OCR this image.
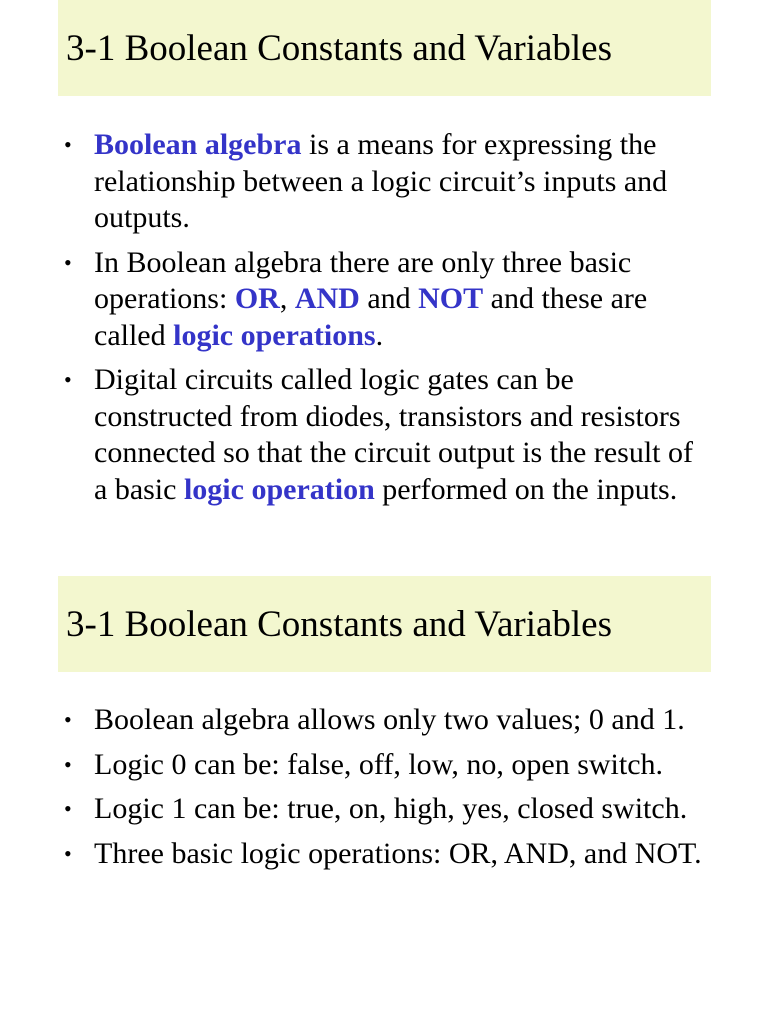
3-1 Boolean Constants and Variables
• Boolean algebra is a means for expressing the relationship between a logic circuit’s inputs and outputs.
• In Boolean algebra there are only three basic operations: OR, AND and NOT and these are called logic operations.
• Digital circuits called logic gates can be constructed from diodes, transistors and resistors connected so that the circuit output is the result of a basic logic operation performed on the inputs.
3-1 Boolean Constants and Variables
• Boolean algebra allows only two values; 0 and 1.
• Logic 0 can be: false, off, low, no, open switch.
• Logic 1 can be: true, on, high, yes, closed switch.
• Three basic logic operations: OR, AND, and NOT.
